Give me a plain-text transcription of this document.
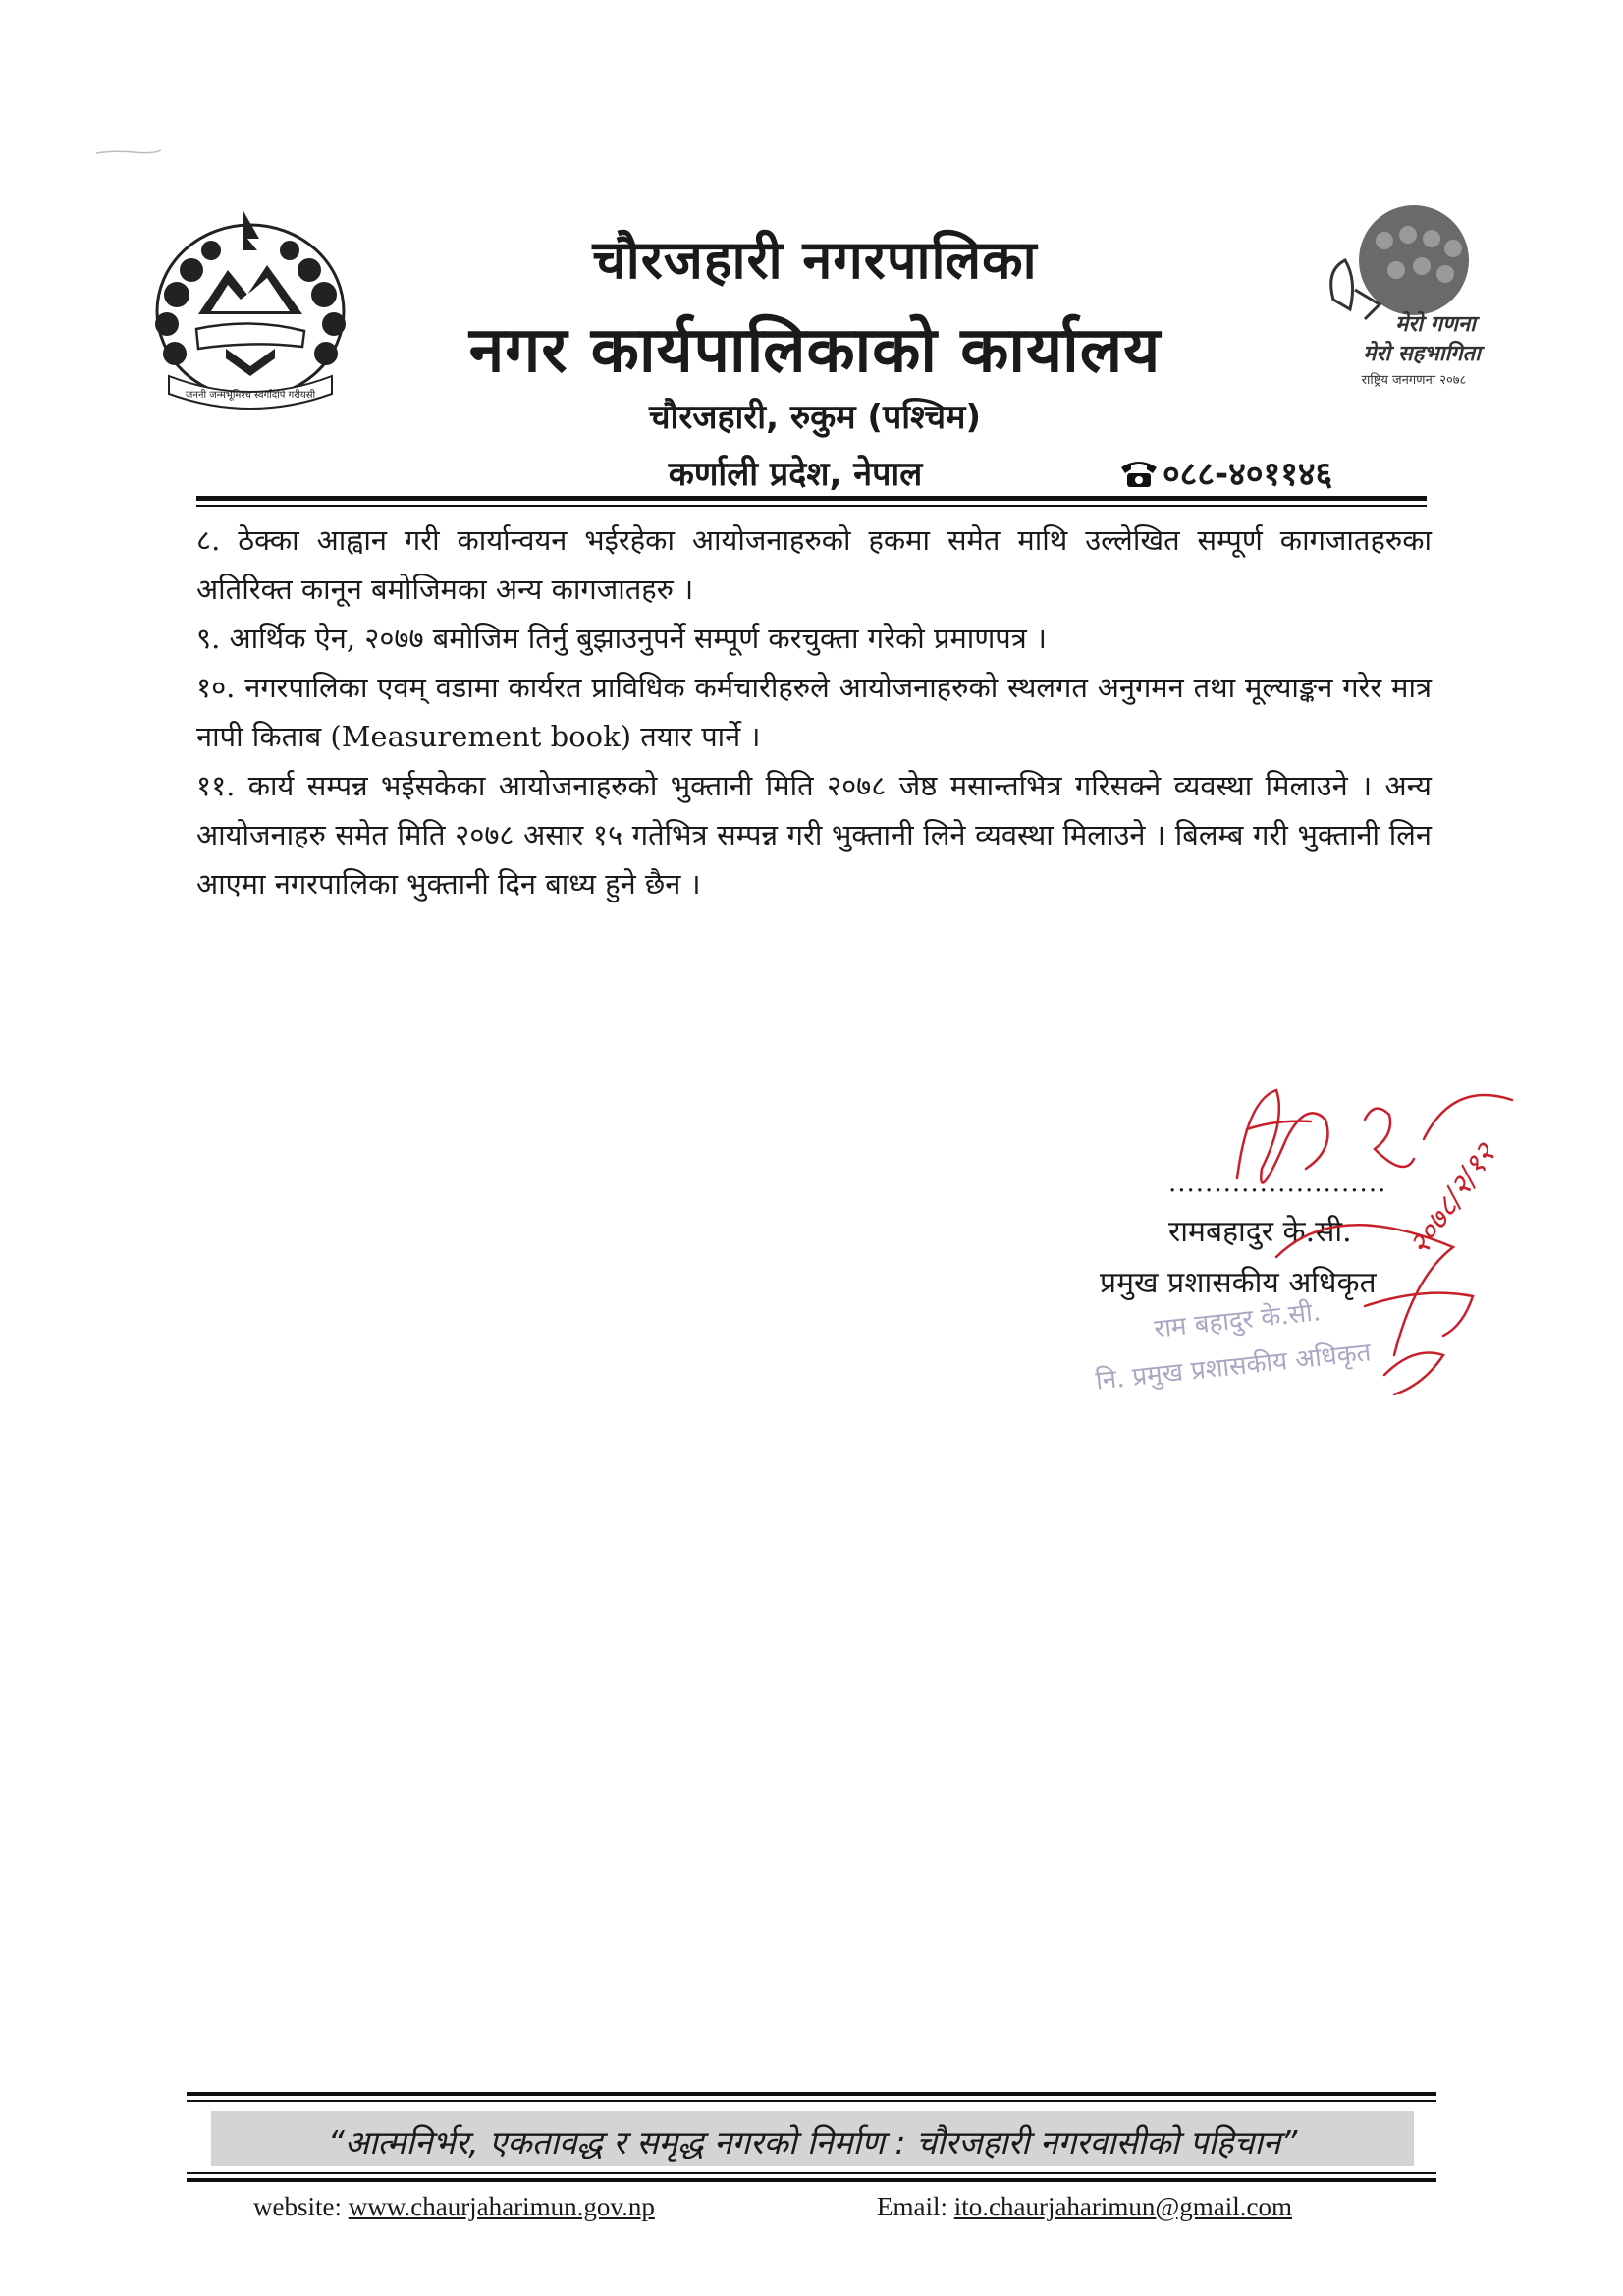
जननी जन्मभूमिश्च स्वर्गादपि गरीयसी
मेरो गणना
मेरो सहभागिता
राष्ट्रिय जनगणना २०७८
चौरजहारी नगरपालिका
नगर कार्यपालिकाको कार्यालय
चौरजहारी, रुकुम (पश्चिम)
कर्णाली प्रदेश, नेपाल	०८८-४०११४६

८. ठेक्का आह्वान गरी कार्यान्वयन भईरहेका आयोजनाहरुको हकमा समेत माथि उल्लेखित सम्पूर्ण कागजातहरुका अतिरिक्त कानून बमोजिमका अन्य कागजातहरु ।

९. आर्थिक ऐन, २०७७ बमोजिम तिर्नु बुझाउनुपर्ने सम्पूर्ण करचुक्ता गरेको प्रमाणपत्र ।

१०. नगरपालिका एवम् वडामा कार्यरत प्राविधिक कर्मचारीहरुले आयोजनाहरुको स्थलगत अनुगमन तथा मूल्याङ्कन गरेर मात्र नापी किताब (Measurement book) तयार पार्ने ।

११. कार्य सम्पन्न भईसकेका आयोजनाहरुको भुक्तानी मिति २०७८ जेष्ठ मसान्तभित्र गरिसक्ने व्यवस्था मिलाउने । अन्य आयोजनाहरु समेत मिति २०७८ असार १५ गतेभित्र सम्पन्न गरी भुक्तानी लिने व्यवस्था मिलाउने । बिलम्ब गरी भुक्तानी लिन आएमा नगरपालिका भुक्तानी दिन बाध्य हुने छैन ।

........................
रामबहादुर के.सी.
प्रमुख प्रशासकीय अधिकृत
राम बहादुर के.सी.
नि. प्रमुख प्रशासकीय अधिकृत
२०७८/२/१२
“आत्मनिर्भर, एकतावद्ध र समृद्ध नगरको निर्माण : चौरजहारी नगरवासीको पहिचान”
website: www.chaurjaharimun.gov.np	Email: ito.chaurjaharimun@gmail.com
